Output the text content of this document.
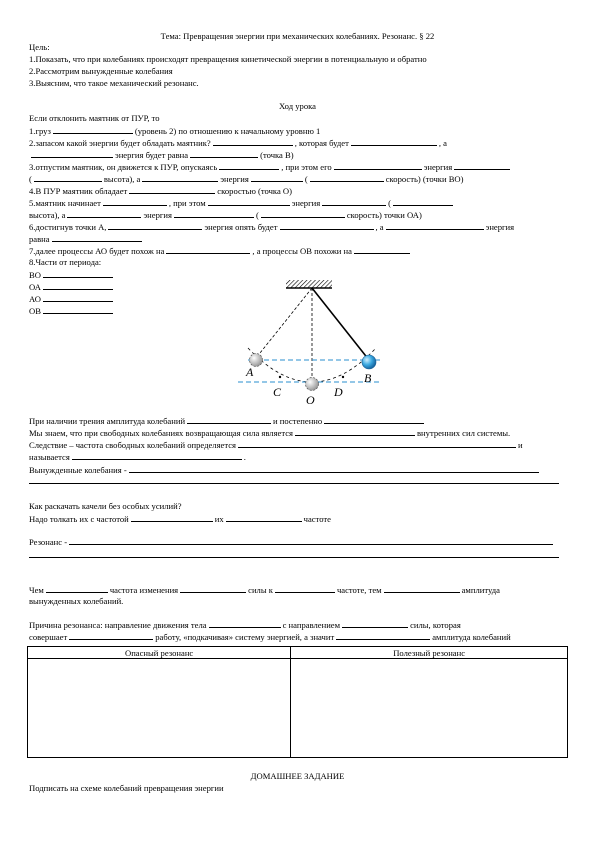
Тема: Превращения энергии при механических колебаниях. Резонанс. § 22
Цель:
1.Показать, что при колебаниях происходят превращения кинетической энергии в потенциальную и обратно
2.Рассмотрим вынужденные колебания
3.Выясним, что такое механический резонанс.
Ход урока
Если отклонить маятник от ПУР, то
1.груз	(уровень 2) по отношению к начальному уровню 1
2.запасом какой энергии будет обладать маятник?	, которая будет	, а
энергия будет равна	(точка В)
3.отпустим маятник, он движется к ПУР, опускаясь	, при этом его	энергия
(	высота), а	энергия	(	скорость) (точки ВО)
4.В ПУР маятник обладает	скоростью (точка О)
5.маятник начинает	, при этом	энергия	(
высота), а	энергия	(	скорость) точки ОА)
6.достигнув точки А,	энергия опять будет	, а	энергия
равна
7.далее процессы АО будет похож на	, а процессы ОВ похожи на
8.Части от периода:
ВО
ОА
АО
ОВ
A
C
O
D
B
При наличии трения амплитуда колебаний	и постепенно
Мы знаем, что при свободных колебаниях возвращающая сила является	внутренних сил системы.
Следствие – частота свободных колебаний определяется	и
называется	.
Вынужденные колебания -
Как раскачать качели без особых усилий?
Надо толкать их с частотой	их	частоте
Резонанс -
Чем	частота изменения	силы к	частоте, тем	амплитуда
вынужденных колебаний.
Причина резонанса: направление движения тела	с направлением	силы, которая
совершает	работу, «подкачивая» систему энергией, а значит	амплитуда колебаний
Опасный резонанс	Полезный резонанс

ДОМАШНЕЕ ЗАДАНИЕ
Подписать на схеме колебаний превращения энергии
